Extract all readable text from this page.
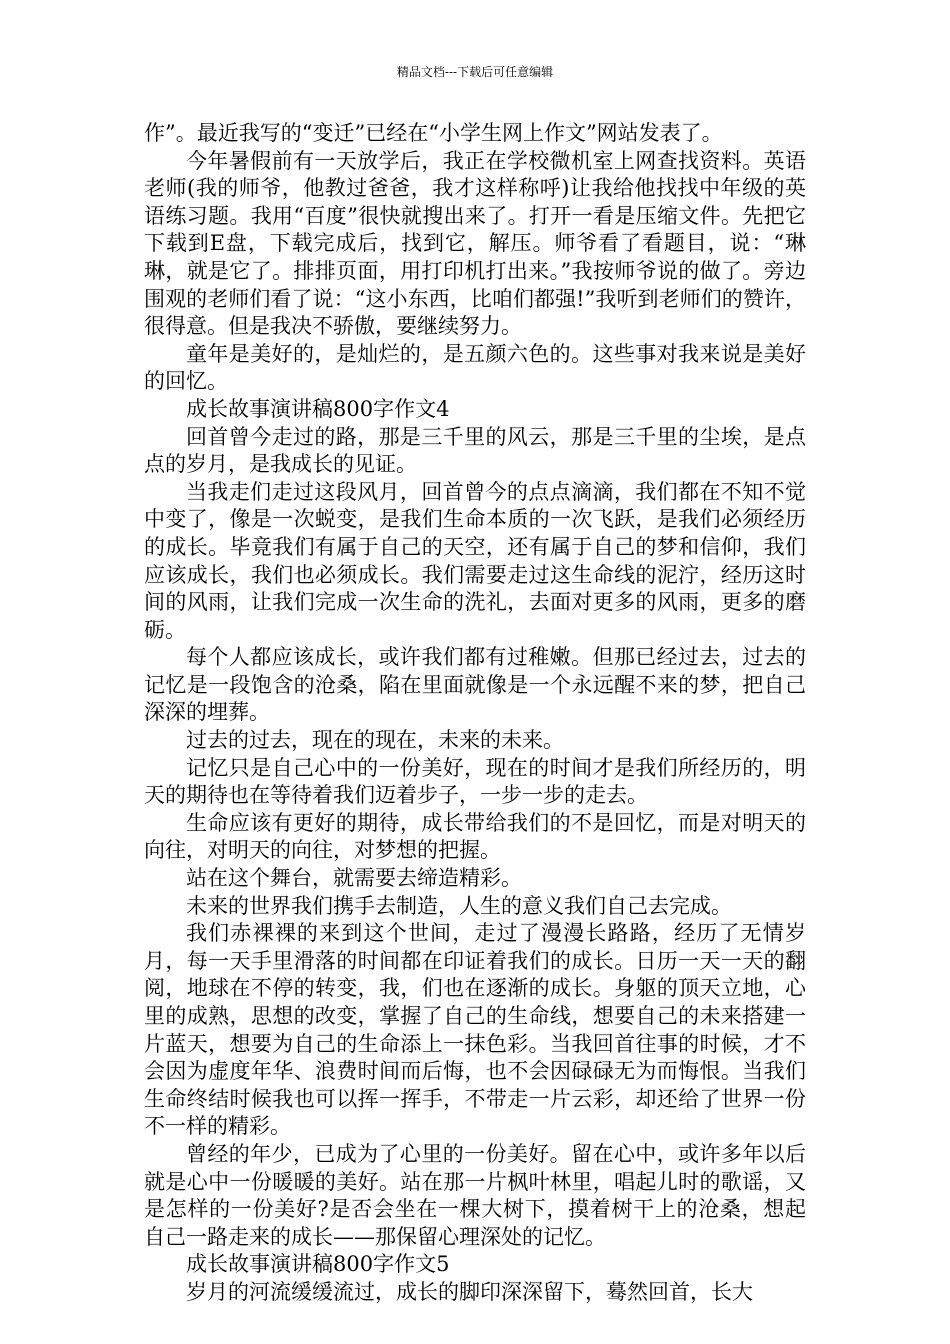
精品文档---下载后可任意编辑

作”。最近我写的“变迁”已经在“小学生网上作文”网站发表了。

今年暑假前有一天放学后，我正在学校微机室上网查找资料。英语老师(我的师爷，他教过爸爸，我才这样称呼)让我给他找找中年级的英语练习题。我用“百度”很快就搜出来了。打开一看是压缩文件。先把它下载到E盘，下载完成后，找到它，解压。师爷看了看题目，说：“琳琳，就是它了。排排页面，用打印机打出来。”我按师爷说的做了。旁边围观的老师们看了说：“这小东西，比咱们都强!”我听到老师们的赞许，很得意。但是我决不骄傲，要继续努力。

童年是美好的，是灿烂的，是五颜六色的。这些事对我来说是美好的回忆。

成长故事演讲稿800字作文4

回首曾今走过的路，那是三千里的风云，那是三千里的尘埃，是点点的岁月，是我成长的见证。

当我走们走过这段风月，回首曾今的点点滴滴，我们都在不知不觉中变了，像是一次蜕变，是我们生命本质的一次飞跃，是我们必须经历的成长。毕竟我们有属于自己的天空，还有属于自己的梦和信仰，我们应该成长，我们也必须成长。我们需要走过这生命线的泥泞，经历这时间的风雨，让我们完成一次生命的洗礼，去面对更多的风雨，更多的磨砺。

每个人都应该成长，或许我们都有过稚嫩。但那已经过去，过去的记忆是一段饱含的沧桑，陷在里面就像是一个永远醒不来的梦，把自己深深的埋葬。

过去的过去，现在的现在，未来的未来。

记忆只是自己心中的一份美好，现在的时间才是我们所经历的，明天的期待也在等待着我们迈着步子，一步一步的走去。

生命应该有更好的期待，成长带给我们的不是回忆，而是对明天的向往，对明天的向往，对梦想的把握。

站在这个舞台，就需要去缔造精彩。

未来的世界我们携手去制造，人生的意义我们自己去完成。

我们赤裸裸的来到这个世间，走过了漫漫长路路，经历了无情岁月，每一天手里滑落的时间都在印证着我们的成长。日历一天一天的翻阅，地球在不停的转变，我，们也在逐渐的成长。身躯的顶天立地，心里的成熟，思想的改变，掌握了自己的生命线，想要自己的未来搭建一片蓝天，想要为自己的生命添上一抹色彩。当我回首往事的时候，才不会因为虚度年华、浪费时间而后悔，也不会因碌碌无为而悔恨。当我们生命终结时候我也可以挥一挥手，不带走一片云彩，却还给了世界一份不一样的精彩。

曾经的年少，已成为了心里的一份美好。留在心中，或许多年以后就是心中一份暖暖的美好。站在那一片枫叶林里，唱起儿时的歌谣，又是怎样的一份美好?是否会坐在一棵大树下，摸着树干上的沧桑，想起自己一路走来的成长——那保留心理深处的记忆。

成长故事演讲稿800字作文5

岁月的河流缓缓流过，成长的脚印深深留下，蓦然回首，长大
